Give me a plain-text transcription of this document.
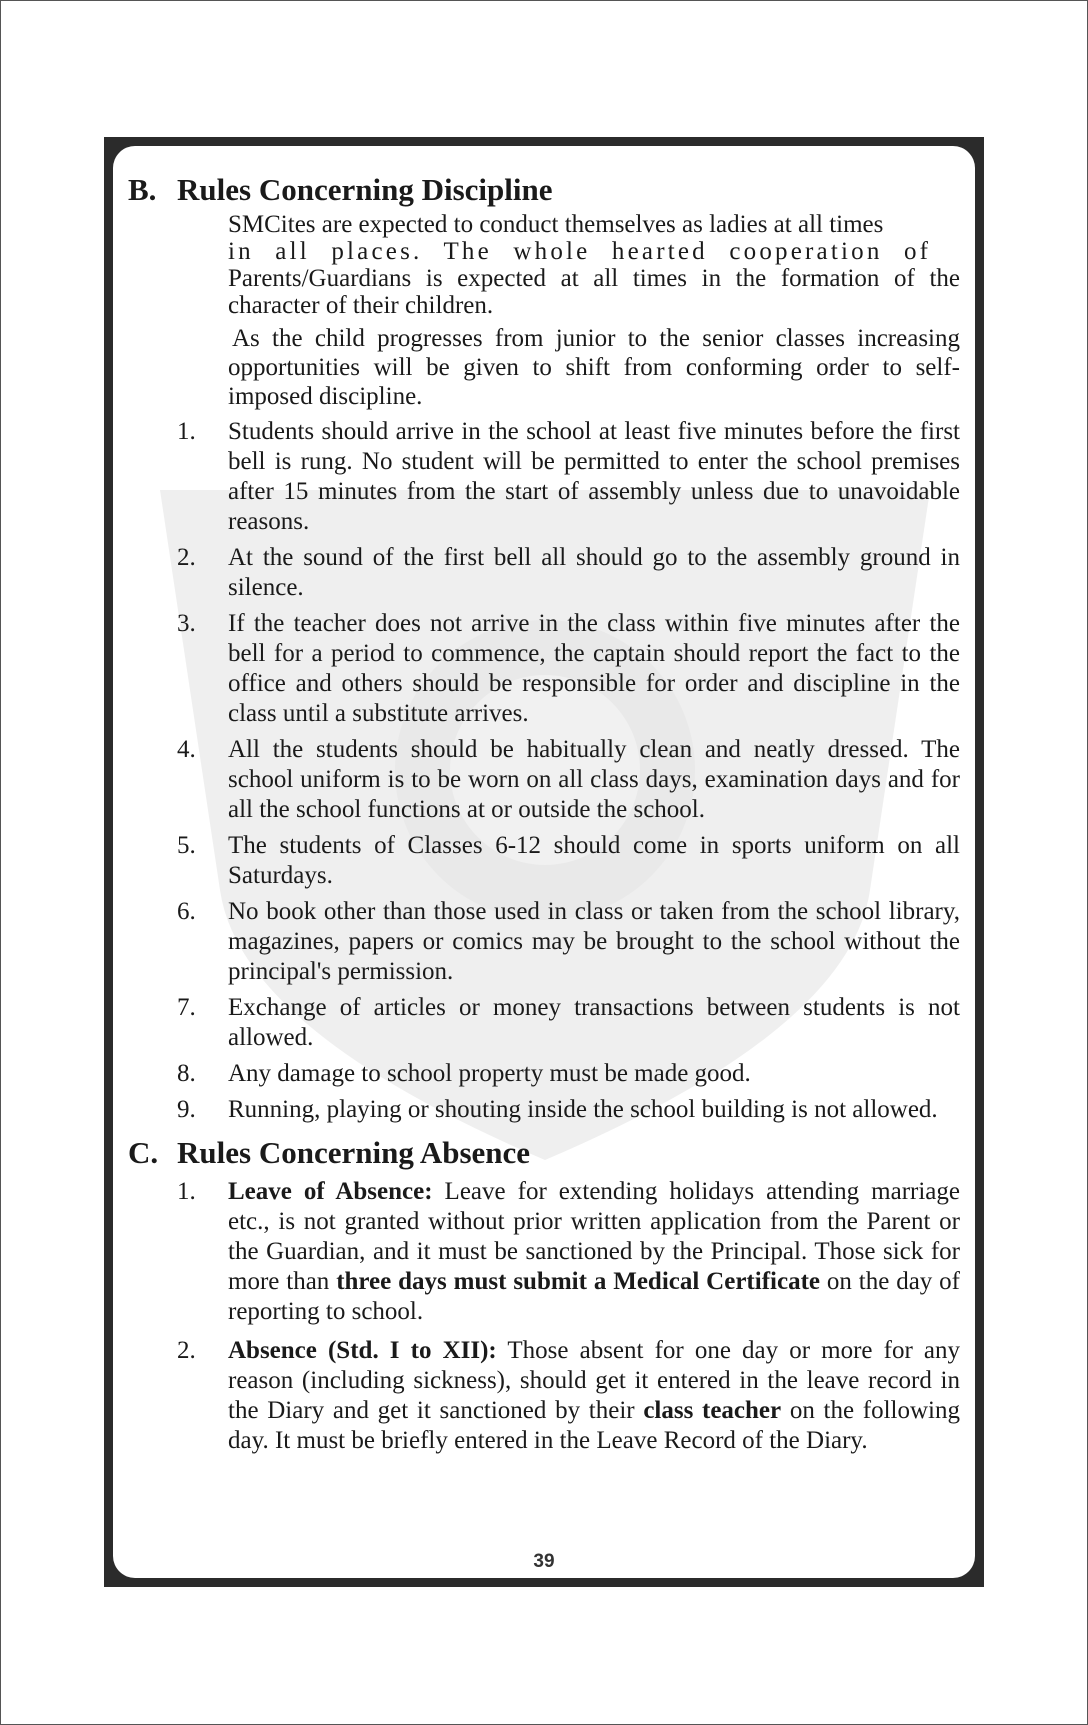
B. Rules Concerning Discipline
SMCites are expected to conduct themselves as ladies at all times
in all places. The whole hearted cooperation of
Parents/Guardians is expected at all times in the formation of the character of their children.
As the child progresses from junior to the senior classes increasing opportunities will be given to shift from conforming order to self-imposed discipline.
1. Students should arrive in the school at least five minutes before the first bell is rung. No student will be permitted to enter the school premises after 15 minutes from the start of assembly unless due to unavoidable reasons.
2. At the sound of the first bell all should go to the assembly ground in silence.
3. If the teacher does not arrive in the class within five minutes after the bell for a period to commence, the captain should report the fact to the office and others should be responsible for order and discipline in the class until a substitute arrives.
4. All the students should be habitually clean and neatly dressed. The school uniform is to be worn on all class days, examination days and for all the school functions at or outside the school.
5. The students of Classes 6-12 should come in sports uniform on all Saturdays.
6. No book other than those used in class or taken from the school library, magazines, papers or comics may be brought to the school without the principal's permission.
7. Exchange of articles or money transactions between students is not allowed.
8. Any damage to school property must be made good.
9. Running, playing or shouting inside the school building is not allowed.
C. Rules Concerning Absence
1. Leave of Absence: Leave for extending holidays attending marriage etc., is not granted without prior written application from the Parent or the Guardian, and it must be sanctioned by the Principal. Those sick for more than three days must submit a Medical Certificate on the day of reporting to school.
2. Absence (Std. I to XII): Those absent for one day or more for any reason (including sickness), should get it entered in the leave record in the Diary and get it sanctioned by their class teacher on the following day. It must be briefly entered in the Leave Record of the Diary.
39
